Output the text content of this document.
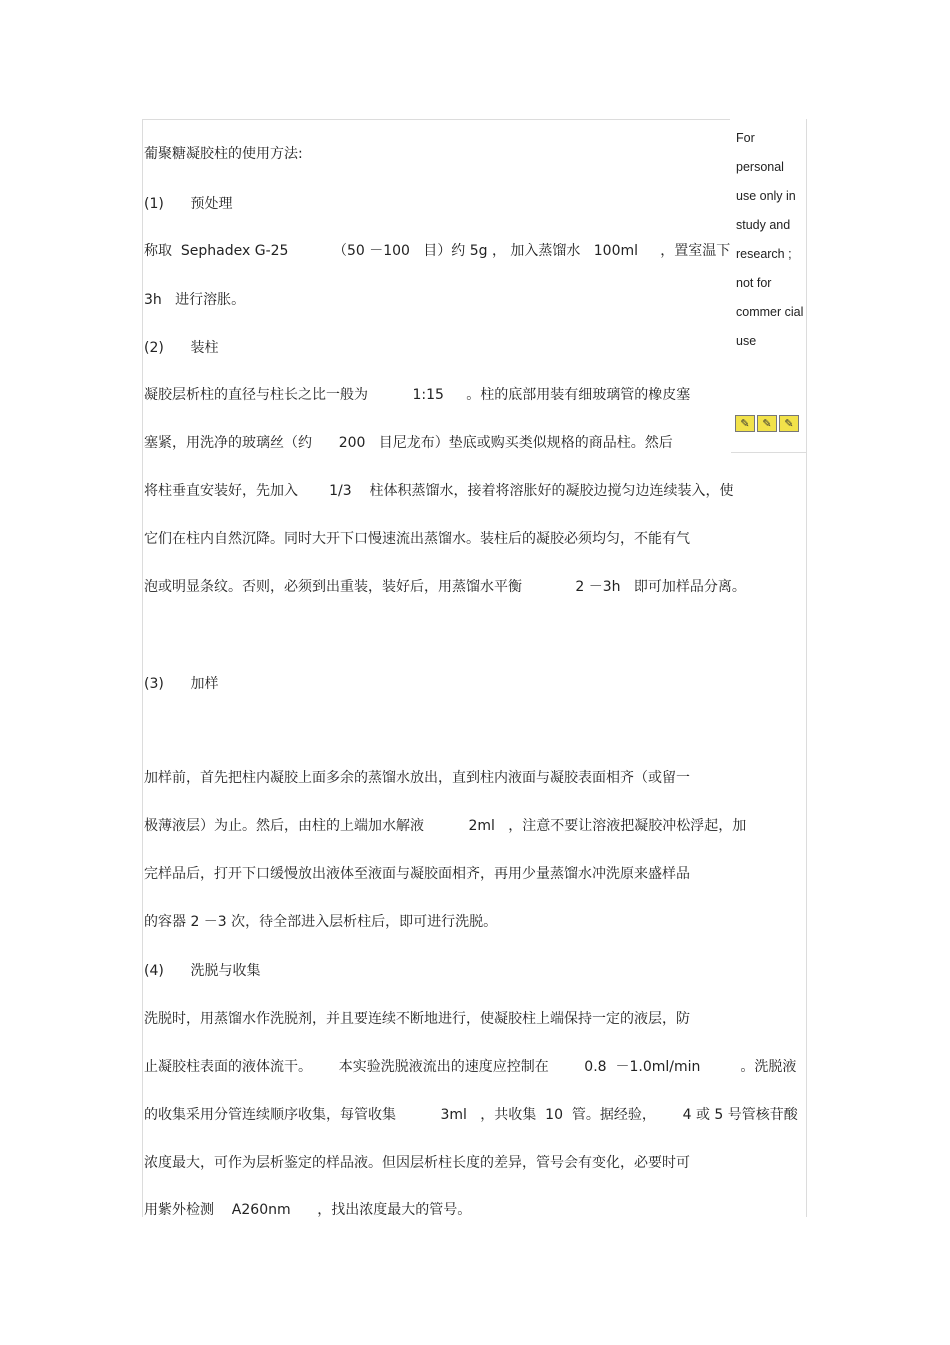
For personal use only in study and research ; not for commer cial use
✎	✎	✎
葡聚糖凝胶柱的使用方法:
(1)      预处理
称取  Sephadex G-25          （50 －100   目）约 5g ， 加入蒸馏水   100ml     ，置室温下
3h   进行溶胀。
(2)      装柱
凝胶层析柱的直径与柱长之比一般为          1:15     。柱的底部用装有细玻璃管的橡皮塞
塞紧，用洗净的玻璃丝（约      200   目尼龙布）垫底或购买类似规格的商品柱。然后
将柱垂直安装好，先加入       1/3    柱体积蒸馏水，接着将溶胀好的凝胶边搅匀边连续装入，使
它们在柱内自然沉降。同时大开下口慢速流出蒸馏水。装柱后的凝胶必须均匀，不能有气
泡或明显条纹。否则，必须到出重装，装好后，用蒸馏水平衡            2 －3h   即可加样品分离。
(3)      加样
加样前，首先把柱内凝胶上面多余的蒸馏水放出，直到柱内液面与凝胶表面相齐（或留一
极薄液层）为止。然后，由柱的上端加水解液          2ml   ，注意不要让溶液把凝胶冲松浮起，加
完样品后，打开下口缓慢放出液体至液面与凝胶面相齐，再用少量蒸馏水冲洗原来盛样品
的容器 2 －3 次，待全部进入层析柱后，即可进行洗脱。
(4)      洗脱与收集
洗脱时，用蒸馏水作洗脱剂，并且要连续不断地进行，使凝胶柱上端保持一定的液层，防
止凝胶柱表面的液体流干。      本实验洗脱液流出的速度应控制在        0.8  －1.0ml/min         。洗脱液
的收集采用分管连续顺序收集，每管收集          3ml   ，共收集  10  管。据经验，      4 或 5 号管核苷酸
浓度最大，可作为层析鉴定的样品液。但因层析柱长度的差异，管号会有变化，必要时可
用紫外检测    A260nm      ，找出浓度最大的管号。
